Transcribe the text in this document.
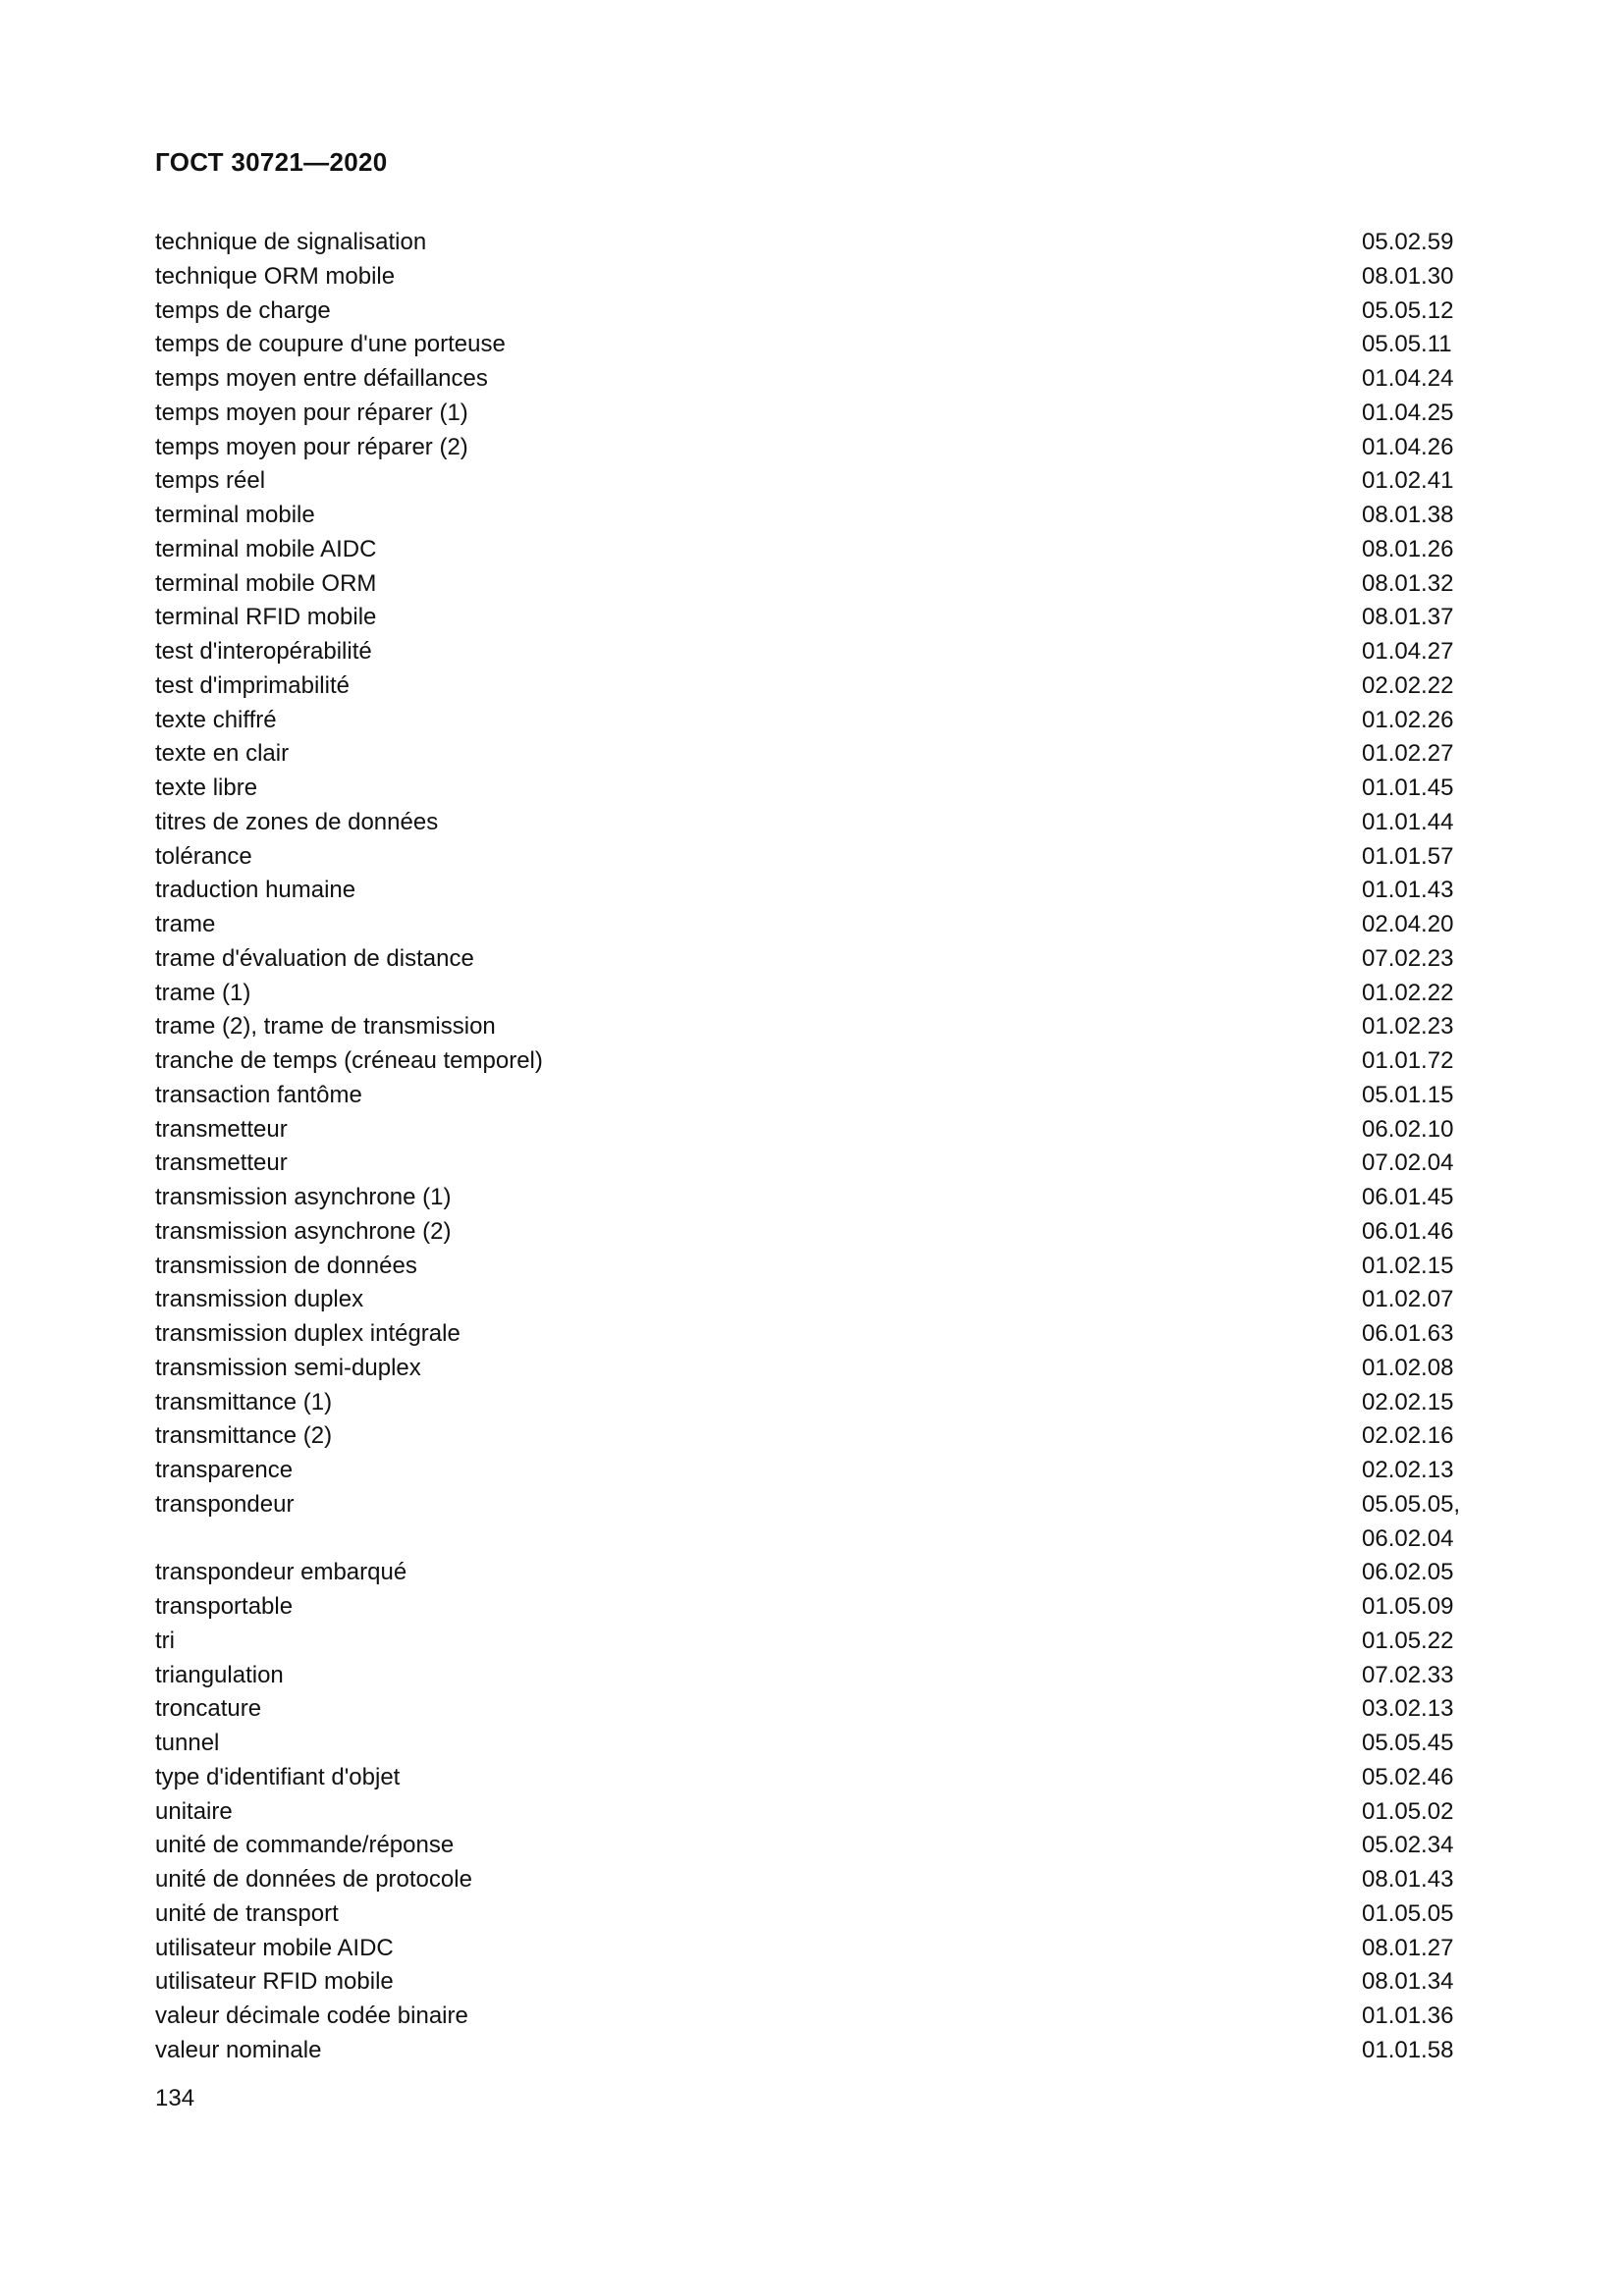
ГОСТ 30721—2020
technique de signalisation	05.02.59
technique ORM mobile	08.01.30
temps de charge	05.05.12
temps de coupure d'une porteuse	05.05.11
temps moyen entre défaillances	01.04.24
temps moyen pour réparer (1)	01.04.25
temps moyen pour réparer (2)	01.04.26
temps réel	01.02.41
terminal mobile	08.01.38
terminal mobile AIDC	08.01.26
terminal mobile ORM	08.01.32
terminal RFID mobile	08.01.37
test d'interopérabilité	01.04.27
test d'imprimabilité	02.02.22
texte chiffré	01.02.26
texte en clair	01.02.27
texte libre	01.01.45
titres de zones de données	01.01.44
tolérance	01.01.57
traduction humaine	01.01.43
trame	02.04.20
trame d'évaluation de distance	07.02.23
trame (1)	01.02.22
trame (2), trame de transmission	01.02.23
tranche de temps (créneau temporel)	01.01.72
transaction fantôme	05.01.15
transmetteur	06.02.10
transmetteur	07.02.04
transmission asynchrone (1)	06.01.45
transmission asynchrone (2)	06.01.46
transmission de données	01.02.15
transmission duplex	01.02.07
transmission duplex intégrale	06.01.63
transmission semi-duplex	01.02.08
transmittance (1)	02.02.15
transmittance (2)	02.02.16
transparence	02.02.13
transpondeur	05.05.05,
06.02.04
transpondeur embarqué	06.02.05
transportable	01.05.09
tri	01.05.22
triangulation	07.02.33
troncature	03.02.13
tunnel	05.05.45
type d'identifiant d'objet	05.02.46
unitaire	01.05.02
unité de commande/réponse	05.02.34
unité de données de protocole	08.01.43
unité de transport	01.05.05
utilisateur mobile AIDC	08.01.27
utilisateur RFID mobile	08.01.34
valeur décimale codée binaire	01.01.36
valeur nominale	01.01.58
134
